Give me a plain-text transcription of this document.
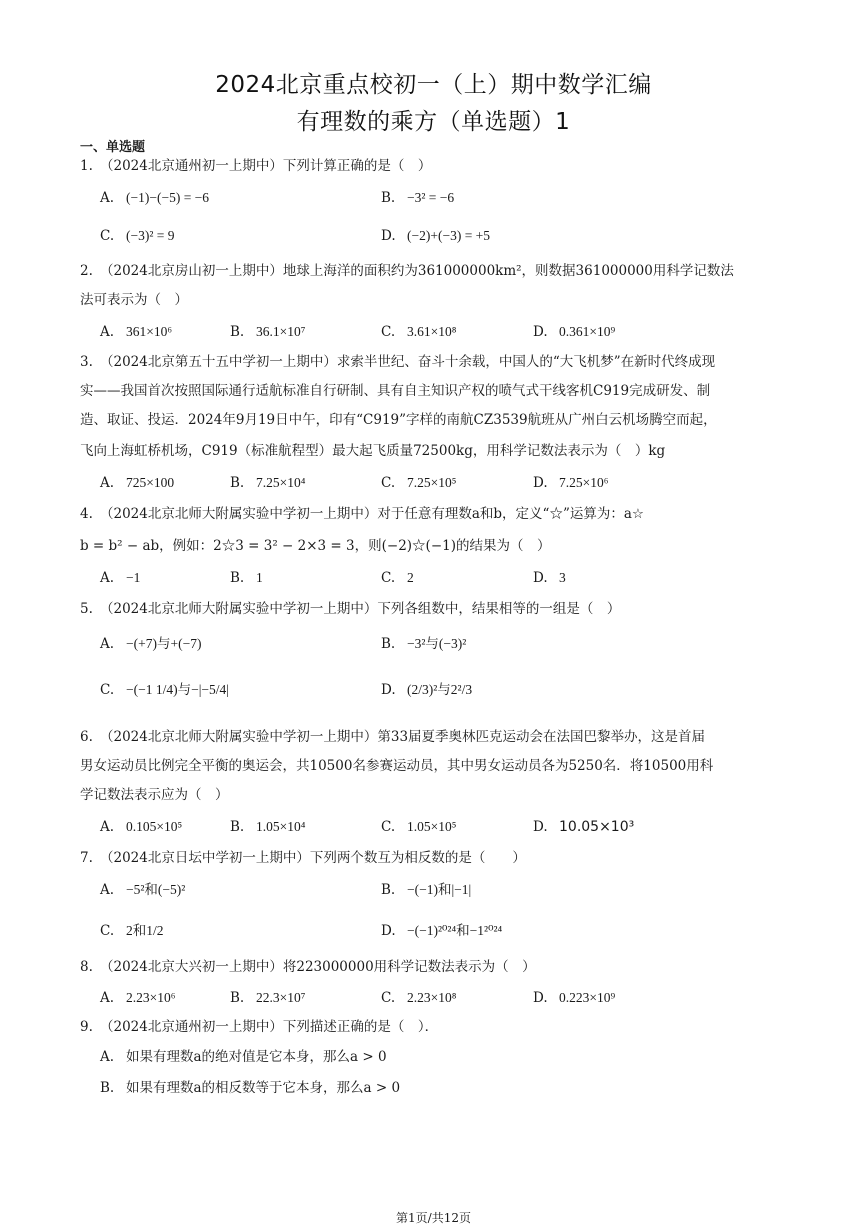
2024北京重点校初一（上）期中数学汇编
有理数的乘方（单选题）1
一、单选题
1. （2024北京通州初一上期中）下列计算正确的是（　）
A. (−1)−(−5) = −6	B. −3² = −6
C. (−3)² = 9	D. (−2)+(−3) = +5
2. （2024北京房山初一上期中）地球上海洋的面积约为361000000km²，则数据361000000用科学记数法
法可表示为（　）
A. 361×10⁶	B. 36.1×10⁷	C. 3.61×10⁸	D. 0.361×10⁹
3. （2024北京第五十五中学初一上期中）求索半世纪、奋斗十余载，中国人的“大飞机梦”在新时代终成现
实——我国首次按照国际通行适航标准自行研制、具有自主知识产权的喷气式干线客机C919完成研发、制
造、取证、投运．2024年9月19日中午，印有“C919”字样的南航CZ3539航班从广州白云机场腾空而起，
飞向上海虹桥机场，C919（标准航程型）最大起飞质量72500kg，用科学记数法表示为（　）kg
A. 725×100	B. 7.25×10⁴	C. 7.25×10⁵	D. 7.25×10⁶
4. （2024北京北师大附属实验中学初一上期中）对于任意有理数a和b，定义“☆”运算为：a☆
b = b² − ab，例如：2☆3 = 3² − 2×3 = 3，则(−2)☆(−1)的结果为（　）
A. −1	B. 1	C. 2	D. 3
5. （2024北京北师大附属实验中学初一上期中）下列各组数中，结果相等的一组是（　）
A. −(+7)与+(−7)	B. −3²与(−3)²
C. −(−1 1/4)与−|−5/4|	D. (2/3)²与2²/3
6. （2024北京北师大附属实验中学初一上期中）第33届夏季奥林匹克运动会在法国巴黎举办，这是首届
男女运动员比例完全平衡的奥运会，共10500名参赛运动员，其中男女运动员各为5250名．将10500用科
学记数法表示应为（　）
A. 0.105×10⁵	B. 1.05×10⁴	C. 1.05×10⁵	D. 10.05×10³
7. （2024北京日坛中学初一上期中）下列两个数互为相反数的是（　　）
A. −5²和(−5)²	B. −(−1)和|−1|
C. 2和1/2	D. −(−1)²⁰²⁴和−1²⁰²⁴
8. （2024北京大兴初一上期中）将223000000用科学记数法表示为（　）
A. 2.23×10⁶	B. 22.3×10⁷	C. 2.23×10⁸	D. 0.223×10⁹
9. （2024北京通州初一上期中）下列描述正确的是（　）．
A. 如果有理数a的绝对值是它本身，那么a > 0
B. 如果有理数a的相反数等于它本身，那么a > 0
第1页/共12页
